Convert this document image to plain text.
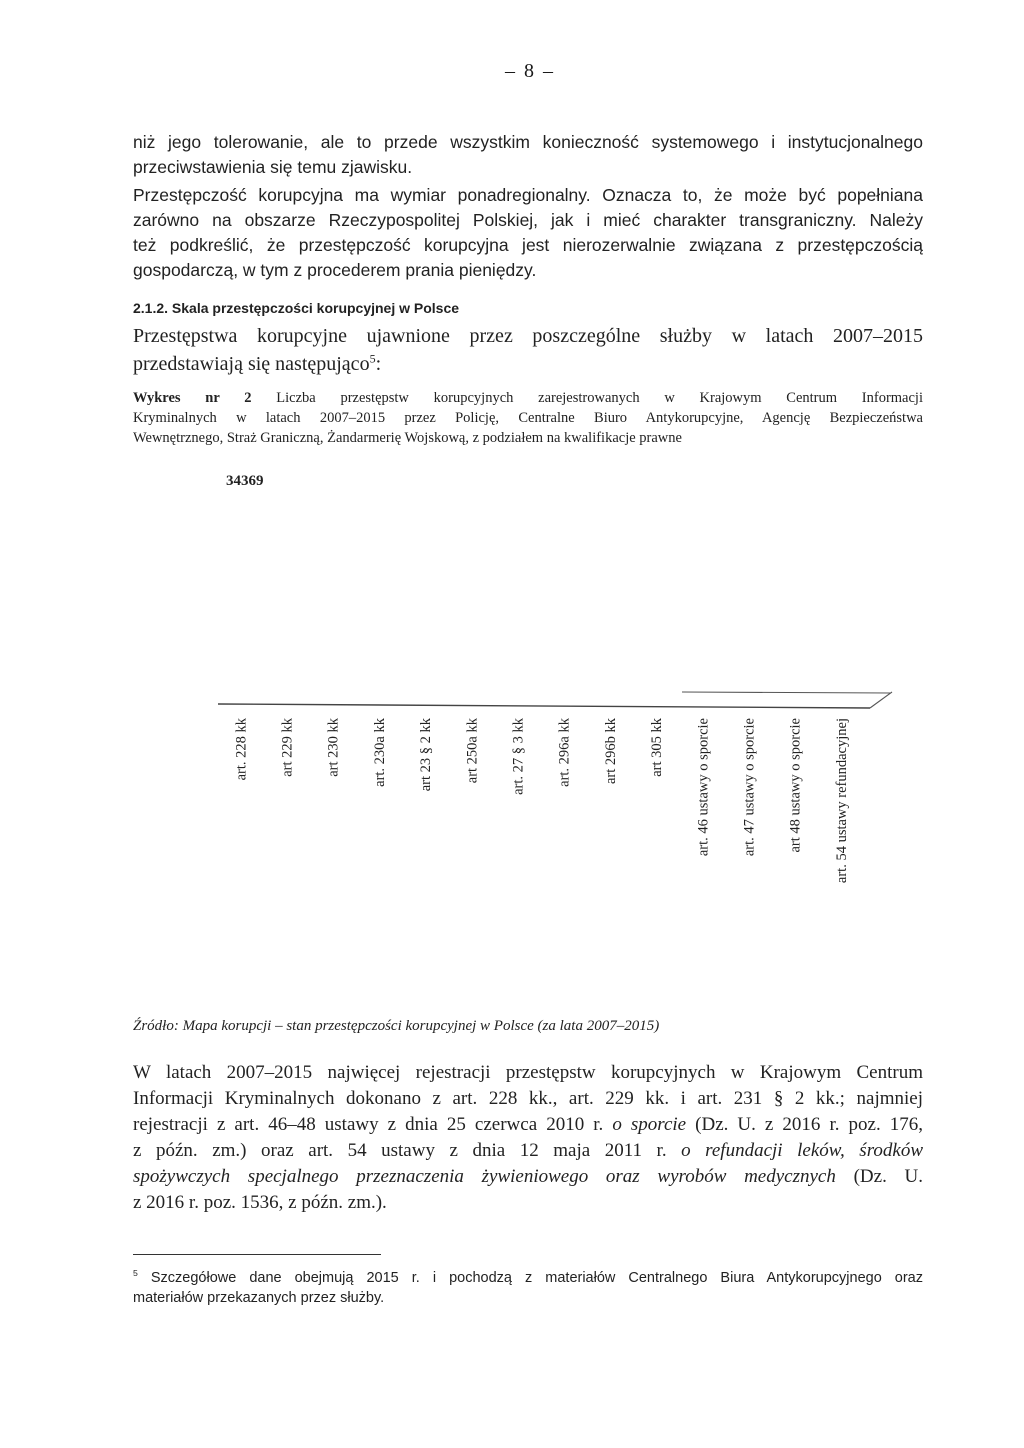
– 8 –
niż jego tolerowanie, ale to przede wszystkim konieczność systemowego i instytucjonalnego
przeciwstawienia się temu zjawisku.
Przestępczość korupcyjna ma wymiar ponadregionalny. Oznacza to, że może być popełniana
zarówno na obszarze Rzeczypospolitej Polskiej, jak i mieć charakter transgraniczny. Należy
też podkreślić, że przestępczość korupcyjna jest nierozerwalnie związana z przestępczością
gospodarczą, w tym z procederem prania pieniędzy.
2.1.2. Skala przestępczości korupcyjnej w Polsce
Przestępstwa korupcyjne ujawnione przez poszczególne służby w latach 2007–2015
przedstawiają się następująco$^5$:
Wykres nr 2 Liczba przestępstw korupcyjnych zarejestrowanych w Krajowym Centrum Informacji
Kryminalnych w latach 2007–2015 przez Policję, Centralne Biuro Antykorupcyjne, Agencję Bezpieczeństwa
Wewnętrznego, Straż Graniczną, Żandarmerię Wojskową, z podziałem na kwalifikacje prawne
34369
art. 228 kk art 229 kk art 230 kk art. 230a kk art 23 § 2 kk art 250a kk art. 27 § 3 kk art. 296a kk art 296b kk art 305 kk art. 46 ustawy o sporcie art. 47 ustawy o sporcie art 48 ustawy o sporcie art. 54 ustawy refundacyjnej
Źródło: Mapa korupcji – stan przestępczości korupcyjnej w Polsce (za lata 2007–2015)
W latach 2007–2015 najwięcej rejestracji przestępstw korupcyjnych w Krajowym Centrum
Informacji Kryminalnych dokonano z art. 228 kk., art. 229 kk. i art. 231 § 2 kk.; najmniej
rejestracji z art. 46–48 ustawy z dnia 25 czerwca 2010 r. o sporcie (Dz. U. z 2016 r. poz. 176,
z późn. zm.) oraz art. 54 ustawy z dnia 12 maja 2011 r. o refundacji leków, środków
spożywczych specjalnego przeznaczenia żywieniowego oraz wyrobów medycznych (Dz. U.
z 2016 r. poz. 1536, z późn. zm.).
$^5$ Szczegółowe dane obejmują 2015 r. i pochodzą z materiałów Centralnego Biura Antykorupcyjnego oraz
materiałów przekazanych przez służby.
